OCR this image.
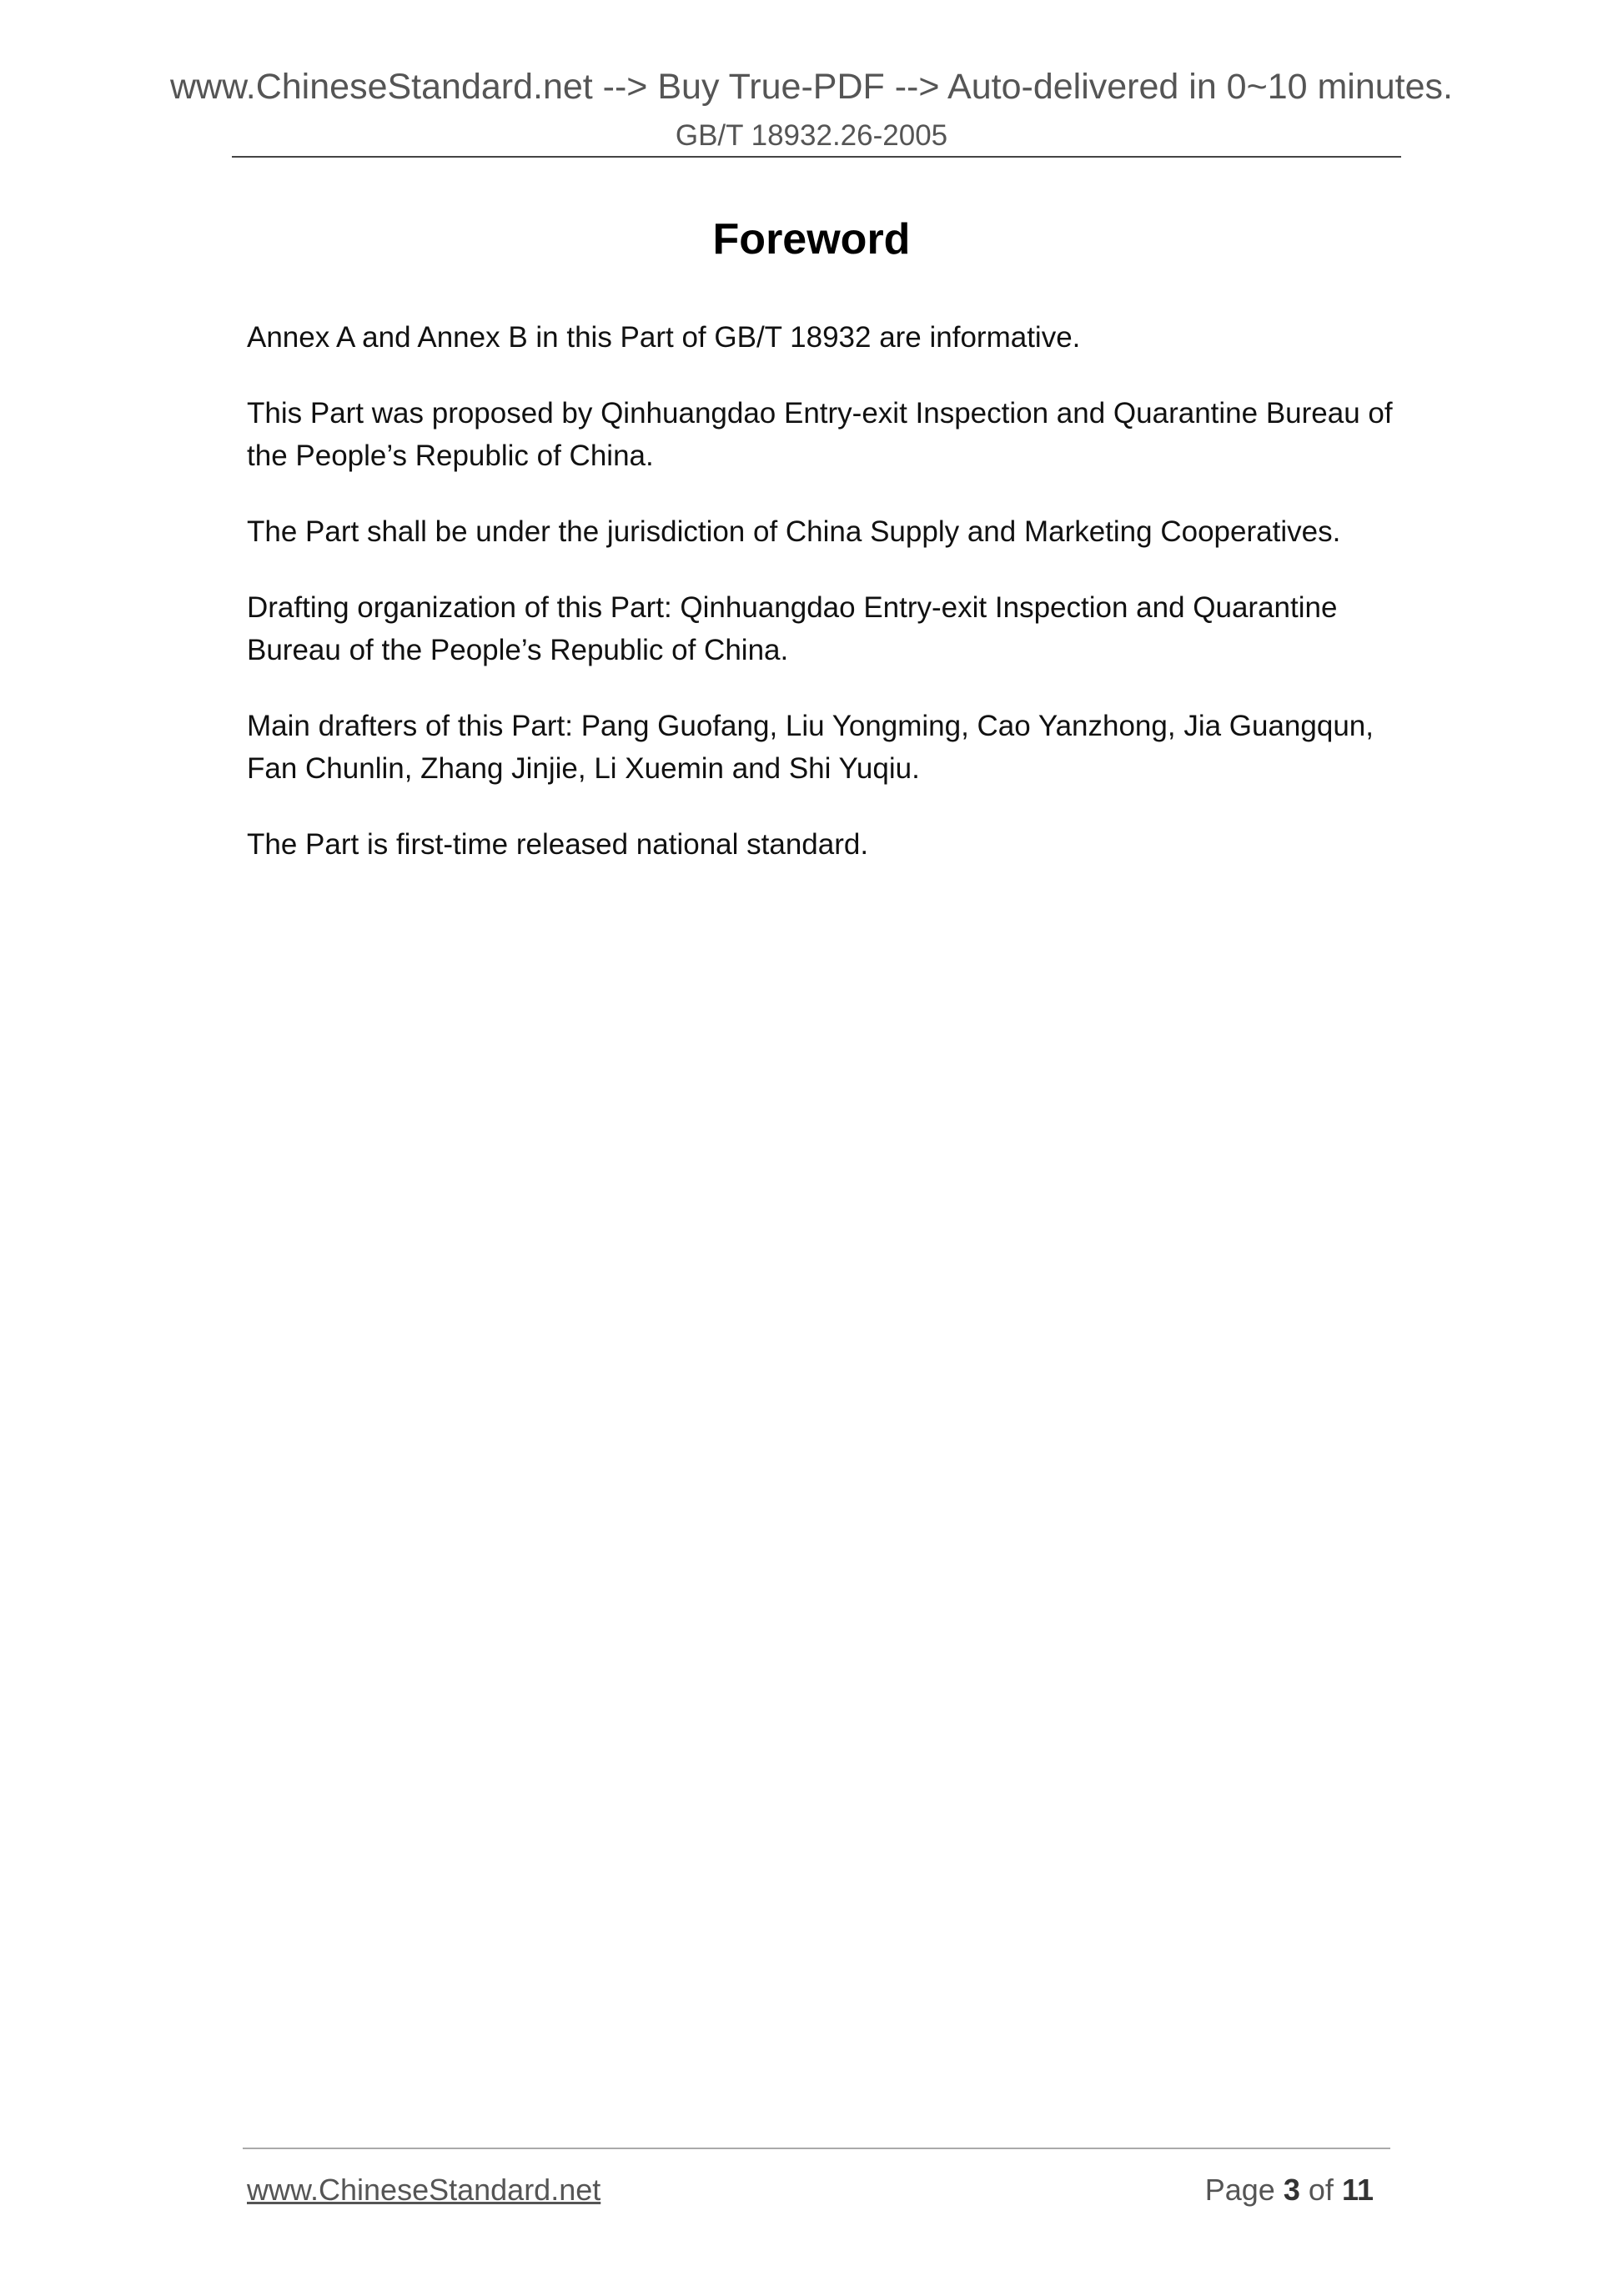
www.ChineseStandard.net --> Buy True-PDF --> Auto-delivered in 0~10 minutes.
GB/T 18932.26-2005
Foreword

Annex A and Annex B in this Part of GB/T 18932 are informative.

This Part was proposed by Qinhuangdao Entry-exit Inspection and Quarantine Bureau of the People’s Republic of China.

The Part shall be under the jurisdiction of China Supply and Marketing Cooperatives.

Drafting organization of this Part: Qinhuangdao Entry-exit Inspection and Quarantine Bureau of the People’s Republic of China.

Main drafters of this Part: Pang Guofang, Liu Yongming, Cao Yanzhong, Jia Guangqun, Fan Chunlin, Zhang Jinjie, Li Xuemin and Shi Yuqiu.

The Part is first-time released national standard.

www.ChineseStandard.net	Page 3 of 11
